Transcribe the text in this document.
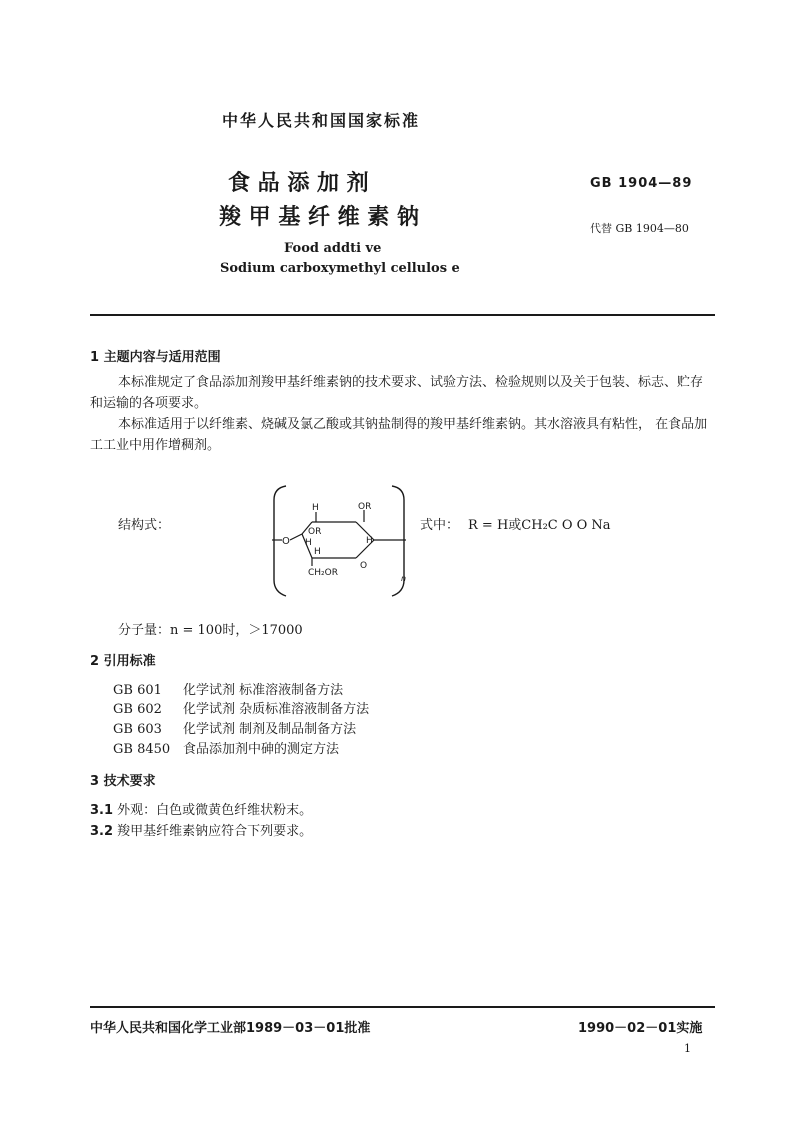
中华人民共和国国家标准
食 品 添 加 剂
羧 甲 基 纤 维 素 钠
Food addti ve
Sodium carboxymethyl cellulos e
GB 1904—89
代替 GB 1904—80
1 主题内容与适用范围
本标准规定了食品添加剂羧甲基纤维素钠的技术要求、试验方法、检验规则以及关于包装、标志、贮存和运输的各项要求。
本标准适用于以纤维素、烧碱及氯乙酸或其钠盐制得的羧甲基纤维素钠。其水溶液具有粘性， 在食品加工工业中用作增稠剂。
结构式：
H	OR
O
OR
H	H
H
CH₂OR
O
n
式中： R = H或CH₂C O O Na
分子量：n = 100时，＞17000
2 引用标准
GB 601 化学试剂 标准溶液制备方法
GB 602 化学试剂 杂质标准溶液制备方法
GB 603 化学试剂 制剂及制品制备方法
GB 8450 食品添加剂中砷的测定方法
3 技术要求
3.1 外观：白色或微黄色纤维状粉末。
3.2 羧甲基纤维素钠应符合下列要求。
中华人民共和国化学工业部1989－03－01批准	1990－02－01实施
1
